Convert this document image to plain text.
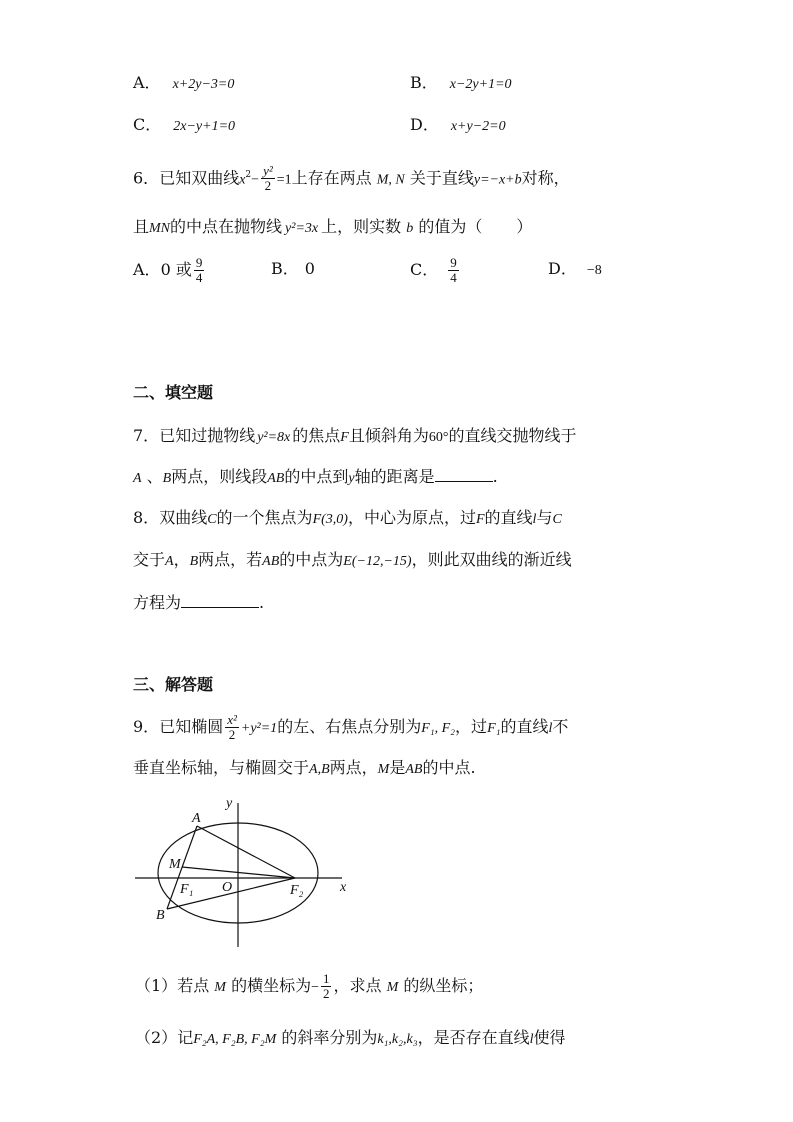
A． x+2y−3=0	B． x−2y+1=0
C． 2x−y+1=0	D． x+y−2=0
6．已知双曲线$x^2- \frac{\text{y²}}{2} =1$上存在两点 M, N 关于直线y=−x+b对称，
且MN的中点在抛物线 y²=3x 上，则实数 b 的值为（ ）
A．0 或 $\frac{9}{4}$	B． 0	C． $\frac{9}{4}$	D． −8
二、填空题
7．已知过抛物线 y²=8x 的焦点F且倾斜角为60°的直线交抛物线于
A 、B两点，则线段AB的中点到y轴的距离是	.
8．双曲线C的一个焦点为F(3,0)，中心为原点，过F的直线l与C
交于A，B两点，若AB的中点为E(−12,−15)，则此双曲线的渐近线
方程为	.
三、解答题
9．已知椭圆 $\frac{\text{x²}}{2} +y^2=1$的左、右焦点分别为F₁, F₂，过F₁的直线l不
垂直坐标轴，与椭圆交于A,B两点，M是AB的中点.
y
x
A
M
F₁ O	F₂
B
（1）若点 M 的横坐标为− $\frac{1}{2}$ ，求点 M 的纵坐标；
（2）记F₂A, F₂B, F₂M 的斜率分别为k₁,k₂,k₃，是否存在直线l使得
